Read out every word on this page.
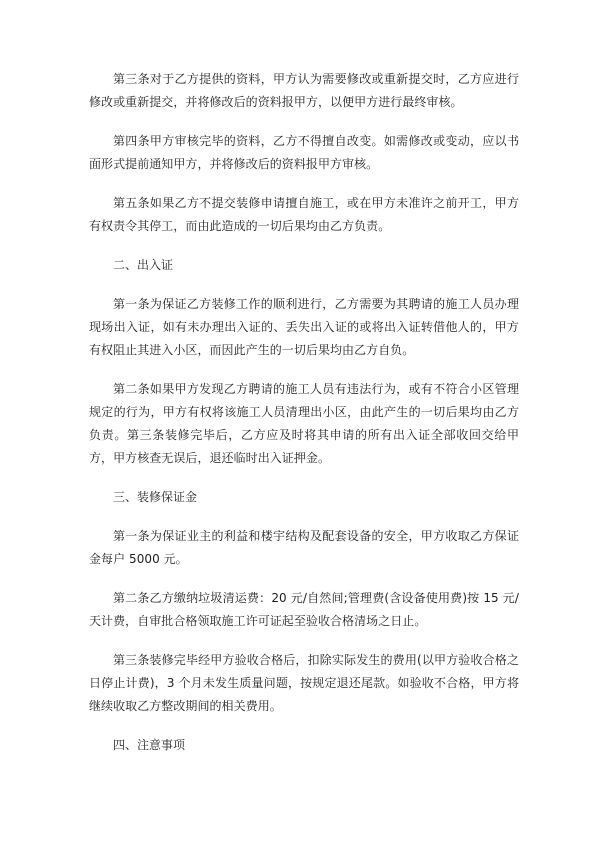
第三条对于乙方提供的资料，甲方认为需要修改或重新提交时，乙方应进行修改或重新提交，并将修改后的资料报甲方，以便甲方进行最终审核。

第四条甲方审核完毕的资料，乙方不得擅自改变。如需修改或变动，应以书面形式提前通知甲方，并将修改后的资料报甲方审核。

第五条如果乙方不提交装修申请擅自施工，或在甲方未准许之前开工，甲方有权责令其停工，而由此造成的一切后果均由乙方负责。

二、出入证

第一条为保证乙方装修工作的顺利进行，乙方需要为其聘请的施工人员办理现场出入证，如有未办理出入证的、丢失出入证的或将出入证转借他人的，甲方有权阻止其进入小区，而因此产生的一切后果均由乙方自负。

第二条如果甲方发现乙方聘请的施工人员有违法行为，或有不符合小区管理规定的行为，甲方有权将该施工人员清理出小区，由此产生的一切后果均由乙方负责。第三条装修完毕后，乙方应及时将其申请的所有出入证全部收回交给甲方，甲方核查无误后，退还临时出入证押金。

三、装修保证金

第一条为保证业主的利益和楼宇结构及配套设备的安全，甲方收取乙方保证金每户 5000 元。

第二条乙方缴纳垃圾清运费：20 元/自然间;管理费(含设备使用费)按 15 元/天计费，自审批合格领取施工许可证起至验收合格清场之日止。

第三条装修完毕经甲方验收合格后，扣除实际发生的费用(以甲方验收合格之日停止计费)，3 个月未发生质量问题，按规定退还尾款。如验收不合格，甲方将继续收取乙方整改期间的相关费用。

四、注意事项
